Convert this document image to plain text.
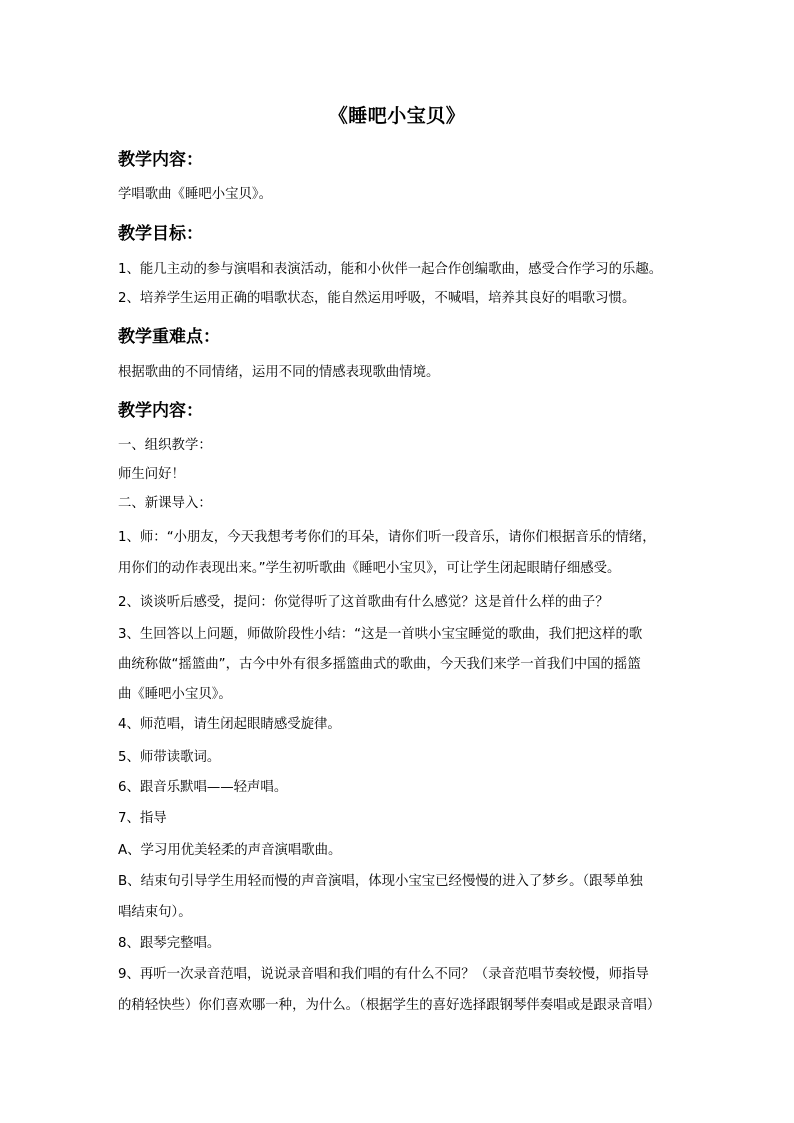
《睡吧小宝贝》
教学内容：
学唱歌曲《睡吧小宝贝》。
教学目标：
1、能几主动的参与演唱和表演活动，能和小伙伴一起合作创编歌曲，感受合作学习的乐趣。
2、培养学生运用正确的唱歌状态，能自然运用呼吸，不喊唱，培养其良好的唱歌习惯。
教学重难点：
根据歌曲的不同情绪，运用不同的情感表现歌曲情境。
教学内容：
一、组织教学：
师生问好！
二、新课导入：
1、师：“小朋友，今天我想考考你们的耳朵，请你们听一段音乐，请你们根据音乐的情绪，
用你们的动作表现出来。”学生初听歌曲《睡吧小宝贝》，可让学生闭起眼睛仔细感受。
2、谈谈听后感受，提问：你觉得听了这首歌曲有什么感觉？这是首什么样的曲子？
3、生回答以上问题，师做阶段性小结：“这是一首哄小宝宝睡觉的歌曲，我们把这样的歌
曲统称做“摇篮曲”，古今中外有很多摇篮曲式的歌曲，今天我们来学一首我们中国的摇篮
曲《睡吧小宝贝》。
4、师范唱，请生闭起眼睛感受旋律。
5、师带读歌词。
6、跟音乐默唱——轻声唱。
7、指导
A、学习用优美轻柔的声音演唱歌曲。
B、结束句引导学生用轻而慢的声音演唱，体现小宝宝已经慢慢的进入了梦乡。（跟琴单独
唱结束句）。
8、跟琴完整唱。
9、再听一次录音范唱，说说录音唱和我们唱的有什么不同？（录音范唱节奏较慢，师指导
的稍轻快些）你们喜欢哪一种，为什么。（根据学生的喜好选择跟钢琴伴奏唱或是跟录音唱）
